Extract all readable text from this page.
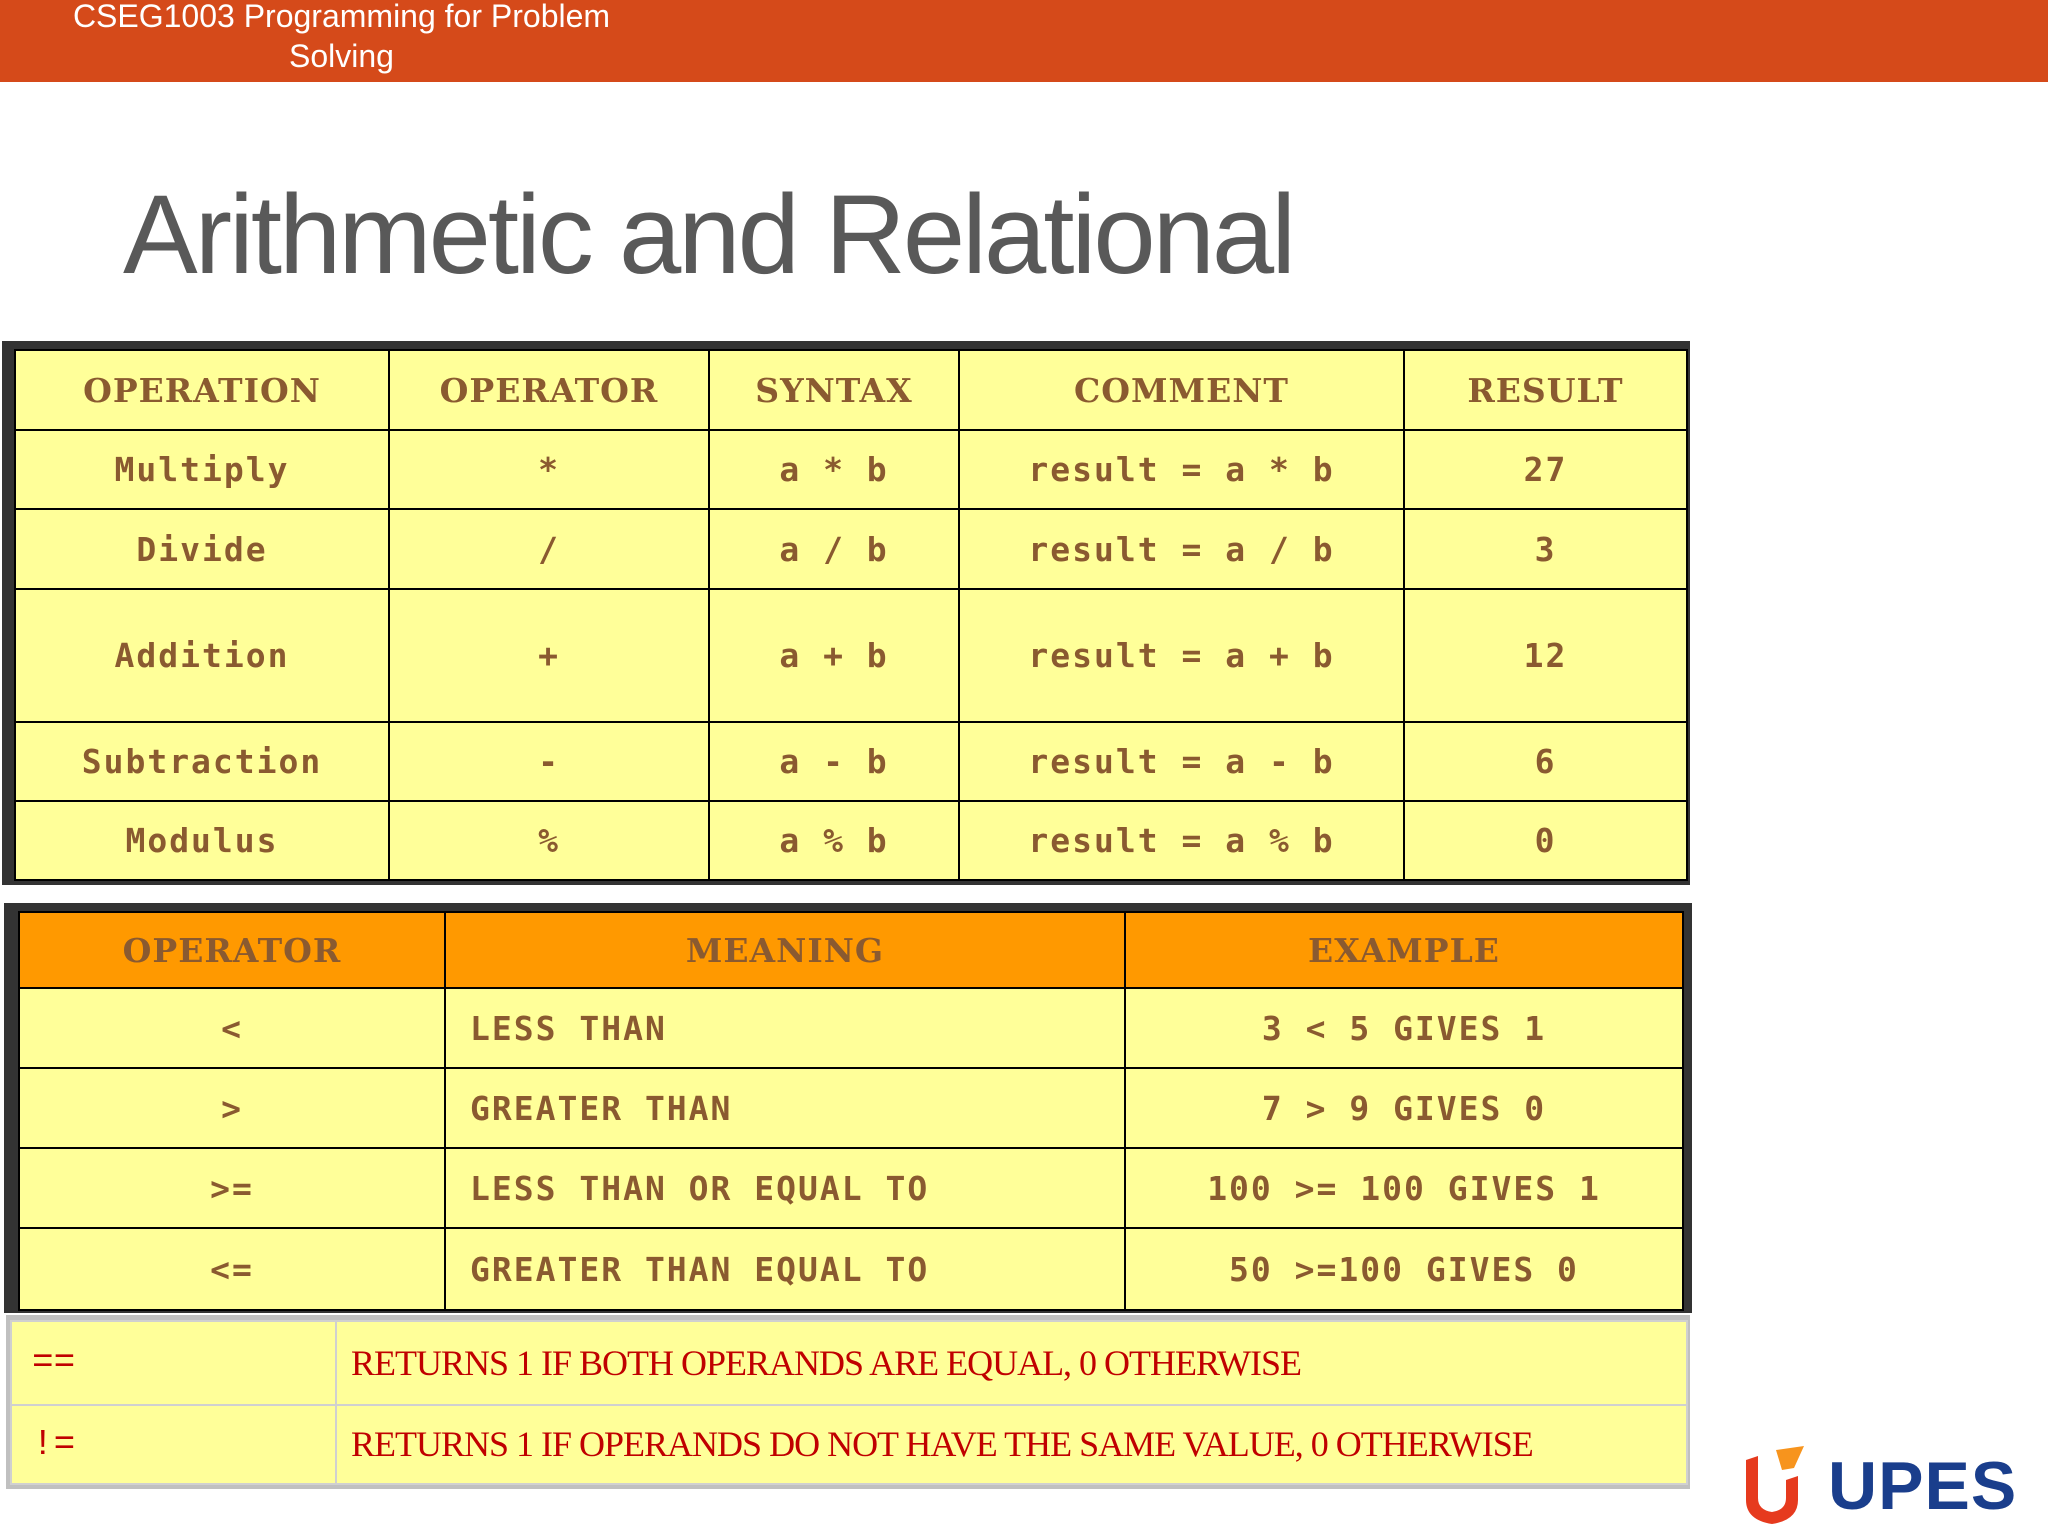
CSEG1003 Programming for Problem Solving
Arithmetic and Relational
OPERATION	OPERATOR	SYNTAX	COMMENT	RESULT
Multiply	*	a * b	result = a * b	27
Divide	/	a / b	result = a / b	3
Addition	+	a + b	result = a + b	12
Subtraction	-	a - b	result = a - b	6
Modulus	%	a % b	result = a % b	0
OPERATOR	MEANING	EXAMPLE
<	LESS THAN	3 < 5 GIVES 1
>	GREATER THAN	7 > 9 GIVES 0
>=	LESS THAN OR EQUAL TO	100 >= 100 GIVES 1
<=	GREATER THAN EQUAL TO	50 >=100 GIVES 0
==	RETURNS 1 IF BOTH OPERANDS ARE EQUAL, 0 OTHERWISE
!=	RETURNS 1 IF OPERANDS DO NOT HAVE THE SAME VALUE, 0 OTHERWISE
UPES
